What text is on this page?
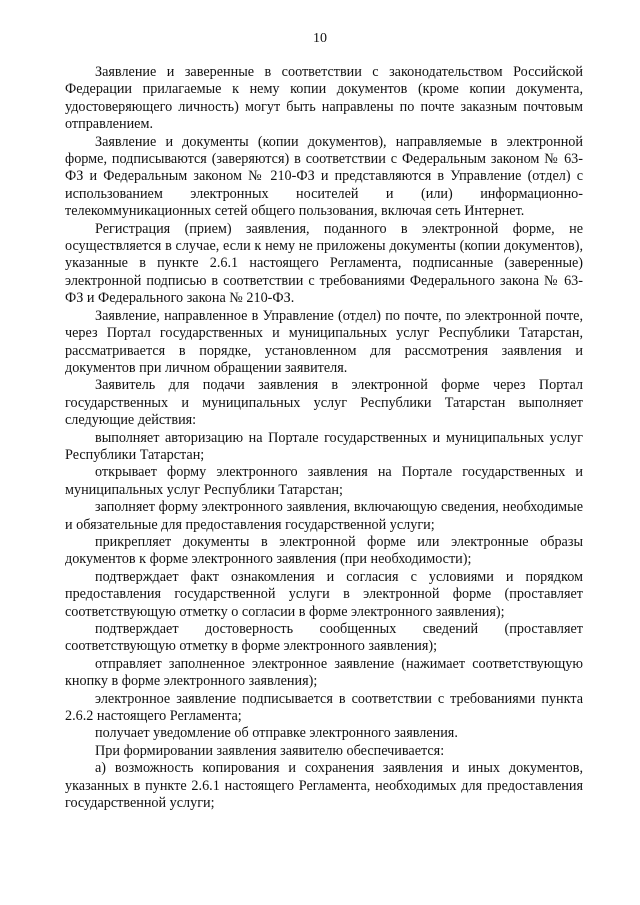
10

Заявление и заверенные в соответствии с законодательством Российской Федерации прилагаемые к нему копии документов (кроме копии документа, удостоверяющего личность) могут быть направлены по почте заказным почтовым отправлением.

Заявление и документы (копии документов), направляемые в электронной форме, подписываются (заверяются) в соответствии с Федеральным законом № 63-ФЗ и Федеральным законом № 210-ФЗ и представляются в Управление (отдел) с использованием электронных носителей и (или) информационно-телекоммуникационных сетей общего пользования, включая сеть Интернет.

Регистрация (прием) заявления, поданного в электронной форме, не осуществляется в случае, если к нему не приложены документы (копии документов), указанные в пункте 2.6.1 настоящего Регламента, подписанные (заверенные) электронной подписью в соответствии с требованиями Федерального закона № 63-ФЗ и Федерального закона № 210-ФЗ.

Заявление, направленное в Управление (отдел) по почте, по электронной почте, через Портал государственных и муниципальных услуг Республики Татарстан, рассматривается в порядке, установленном для рассмотрения заявления и документов при личном обращении заявителя.

Заявитель для подачи заявления в электронной форме через Портал государственных и муниципальных услуг Республики Татарстан выполняет следующие действия:

выполняет авторизацию на Портале государственных и муниципальных услуг Республики Татарстан;

открывает форму электронного заявления на Портале государственных и муниципальных услуг Республики Татарстан;

заполняет форму электронного заявления, включающую сведения, необходимые и обязательные для предоставления государственной услуги;

прикрепляет документы в электронной форме или электронные образы документов к форме электронного заявления (при необходимости);

подтверждает факт ознакомления и согласия с условиями и порядком предоставления государственной услуги в электронной форме (проставляет соответствующую отметку о согласии в форме электронного заявления);

подтверждает достоверность сообщенных сведений (проставляет соответствующую отметку в форме электронного заявления);

отправляет заполненное электронное заявление (нажимает соответствующую кнопку в форме электронного заявления);

электронное заявление подписывается в соответствии с требованиями пункта 2.6.2 настоящего Регламента;

получает уведомление об отправке электронного заявления.

При формировании заявления заявителю обеспечивается:

а) возможность копирования и сохранения заявления и иных документов, указанных в пункте 2.6.1 настоящего Регламента, необходимых для предоставления государственной услуги;
